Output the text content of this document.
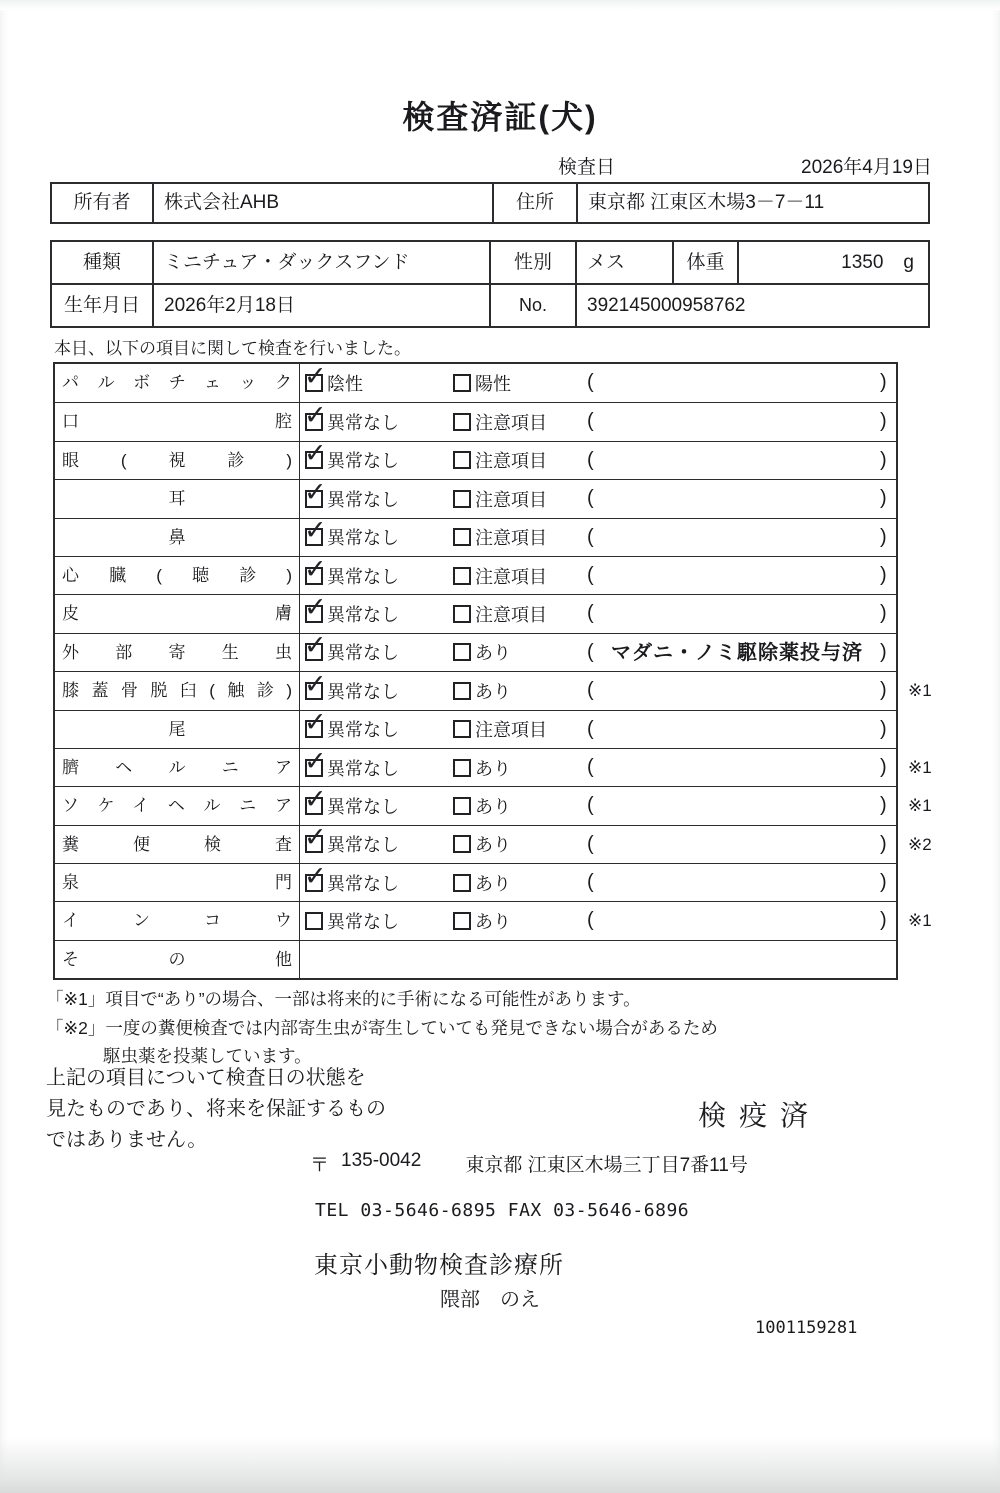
検査済証(犬)
検査日	2026年4月19日
所有者	株式会社AHB	住所	東京都 江東区木場3－7－11
種類	ミニチュア・ダックスフンド	性別	メス	体重	1350 g
生年月日	2026年2月18日	No.	392145000958762
本日、以下の項目に関して検査を行いました。
パルボチェック ✓ 陰性	陽性	(	)
口腔 ✓ 異常なし	注意項目 (	)
眼(視診) ✓ 異常なし	注意項目 (	)
耳	✓ 異常なし	注意項目 (	)
鼻	✓ 異常なし	注意項目 (	)
心臓(聴診) ✓ 異常なし	注意項目 (	)
皮膚 ✓ 異常なし	注意項目 (	)
外部寄生虫 ✓ 異常なし	あり	( マダニ・ノミ駆除薬投与済 )
膝蓋骨脱臼(触診) ✓ 異常なし	あり	(	) ※1
尾	✓ 異常なし	注意項目 (	)
臍ヘルニア ✓ 異常なし	あり	(	) ※1
ソケイヘルニア ✓ 異常なし	あり	(	) ※1
糞便検査 ✓ 異常なし	あり	(	) ※2
泉門 ✓ 異常なし	あり	(	)
インコウ	異常なし	あり	(	) ※1
その他
「※1」項目で“あり”の場合、一部は将来的に手術になる可能性があります。
「※2」一度の糞便検査では内部寄生虫が寄生していても発見できない場合があるため
駆虫薬を投薬しています。
上記の項目について検査日の状態を
見たものであり、将来を保証するもの
ではありません。
検疫済
〒 135-0042 東京都 江東区木場三丁目7番11号
TEL 03-5646-6895 FAX 03-5646-6896
東京小動物検査診療所
隈部　のえ
1001159281
